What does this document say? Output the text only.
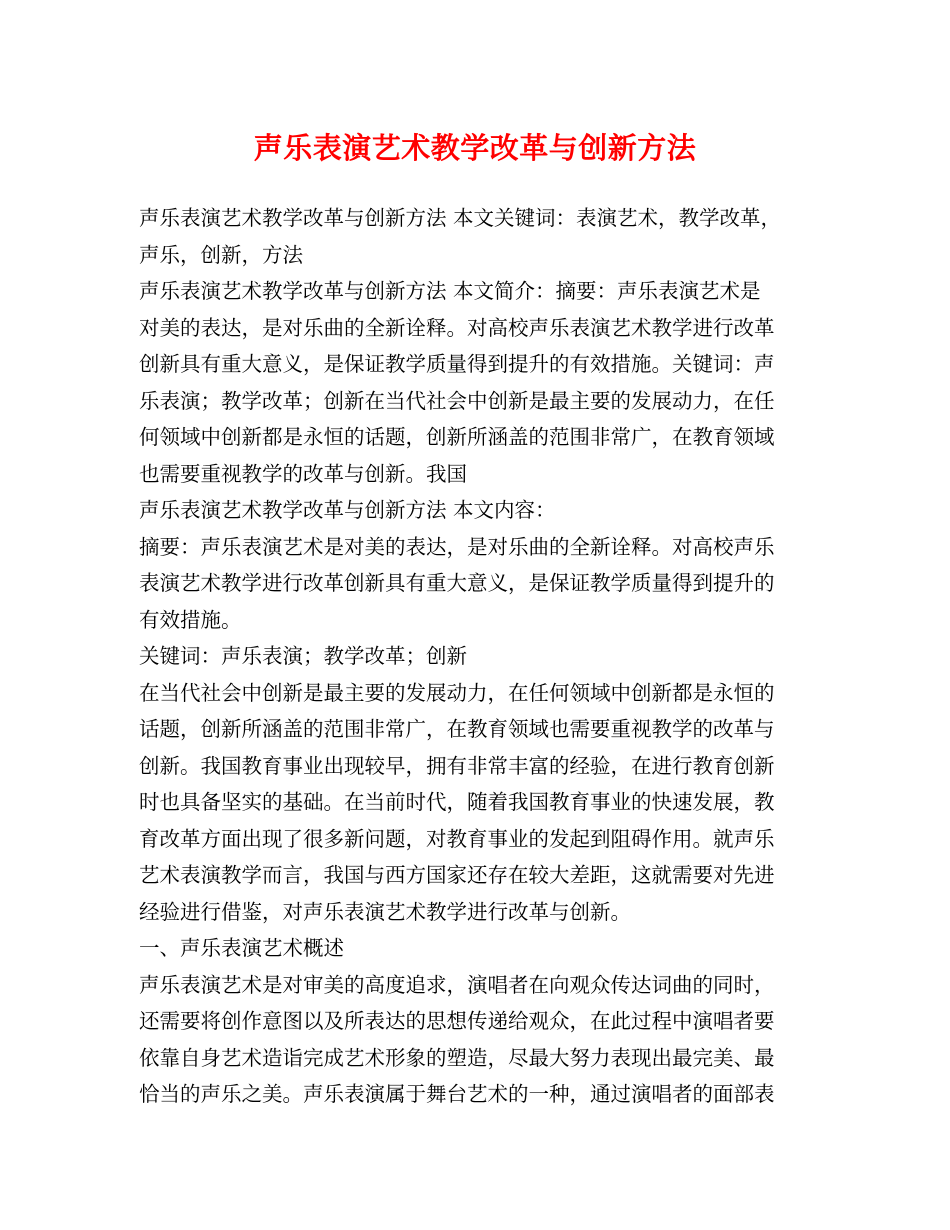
声乐表演艺术教学改革与创新方法
声乐表演艺术教学改革与创新方法 本文关键词：表演艺术，教学改革，
声乐，创新，方法
声乐表演艺术教学改革与创新方法 本文简介：摘要：声乐表演艺术是
对美的表达，是对乐曲的全新诠释。对高校声乐表演艺术教学进行改革
创新具有重大意义，是保证教学质量得到提升的有效措施。关键词：声
乐表演；教学改革；创新在当代社会中创新是最主要的发展动力，在任
何领域中创新都是永恒的话题，创新所涵盖的范围非常广，在教育领域
也需要重视教学的改革与创新。我国
声乐表演艺术教学改革与创新方法 本文内容：
摘要：声乐表演艺术是对美的表达，是对乐曲的全新诠释。对高校声乐
表演艺术教学进行改革创新具有重大意义，是保证教学质量得到提升的
有效措施。
关键词：声乐表演；教学改革；创新
在当代社会中创新是最主要的发展动力，在任何领域中创新都是永恒的
话题，创新所涵盖的范围非常广，在教育领域也需要重视教学的改革与
创新。我国教育事业出现较早，拥有非常丰富的经验，在进行教育创新
时也具备坚实的基础。在当前时代，随着我国教育事业的快速发展，教
育改革方面出现了很多新问题，对教育事业的发起到阻碍作用。就声乐
艺术表演教学而言，我国与西方国家还存在较大差距，这就需要对先进
经验进行借鉴，对声乐表演艺术教学进行改革与创新。
一、声乐表演艺术概述
声乐表演艺术是对审美的高度追求，演唱者在向观众传达词曲的同时，
还需要将创作意图以及所表达的思想传递给观众，在此过程中演唱者要
依靠自身艺术造诣完成艺术形象的塑造，尽最大努力表现出最完美、最
恰当的声乐之美。声乐表演属于舞台艺术的一种，通过演唱者的面部表
